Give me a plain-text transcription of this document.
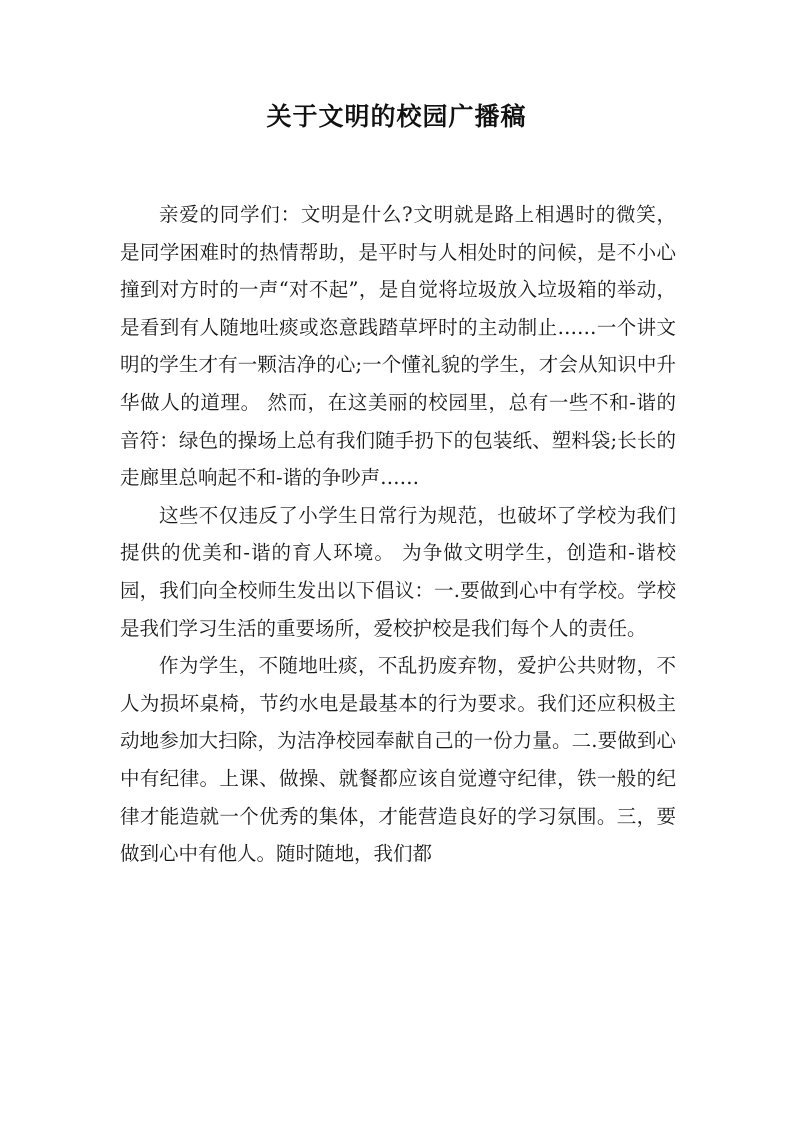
关于文明的校园广播稿

亲爱的同学们：文明是什么?文明就是路上相遇时的微笑，是同学困难时的热情帮助，是平时与人相处时的问候，是不小心撞到对方时的一声“对不起”，是自觉将垃圾放入垃圾箱的举动，是看到有人随地吐痰或恣意践踏草坪时的主动制止……一个讲文明的学生才有一颗洁净的心;一个懂礼貌的学生，才会从知识中升华做人的道理。 然而，在这美丽的校园里，总有一些不和-谐的音符：绿色的操场上总有我们随手扔下的包装纸、塑料袋;长长的走廊里总响起不和-谐的争吵声……

这些不仅违反了小学生日常行为规范，也破坏了学校为我们提供的优美和-谐的育人环境。 为争做文明学生，创造和-谐校园，我们向全校师生发出以下倡议：一.要做到心中有学校。学校是我们学习生活的重要场所，爱校护校是我们每个人的责任。

作为学生，不随地吐痰，不乱扔废弃物，爱护公共财物，不人为损坏桌椅，节约水电是最基本的行为要求。我们还应积极主动地参加大扫除，为洁净校园奉献自己的一份力量。二.要做到心中有纪律。上课、做操、就餐都应该自觉遵守纪律，铁一般的纪律才能造就一个优秀的集体，才能营造良好的学习氛围。三，要做到心中有他人。随时随地，我们都
